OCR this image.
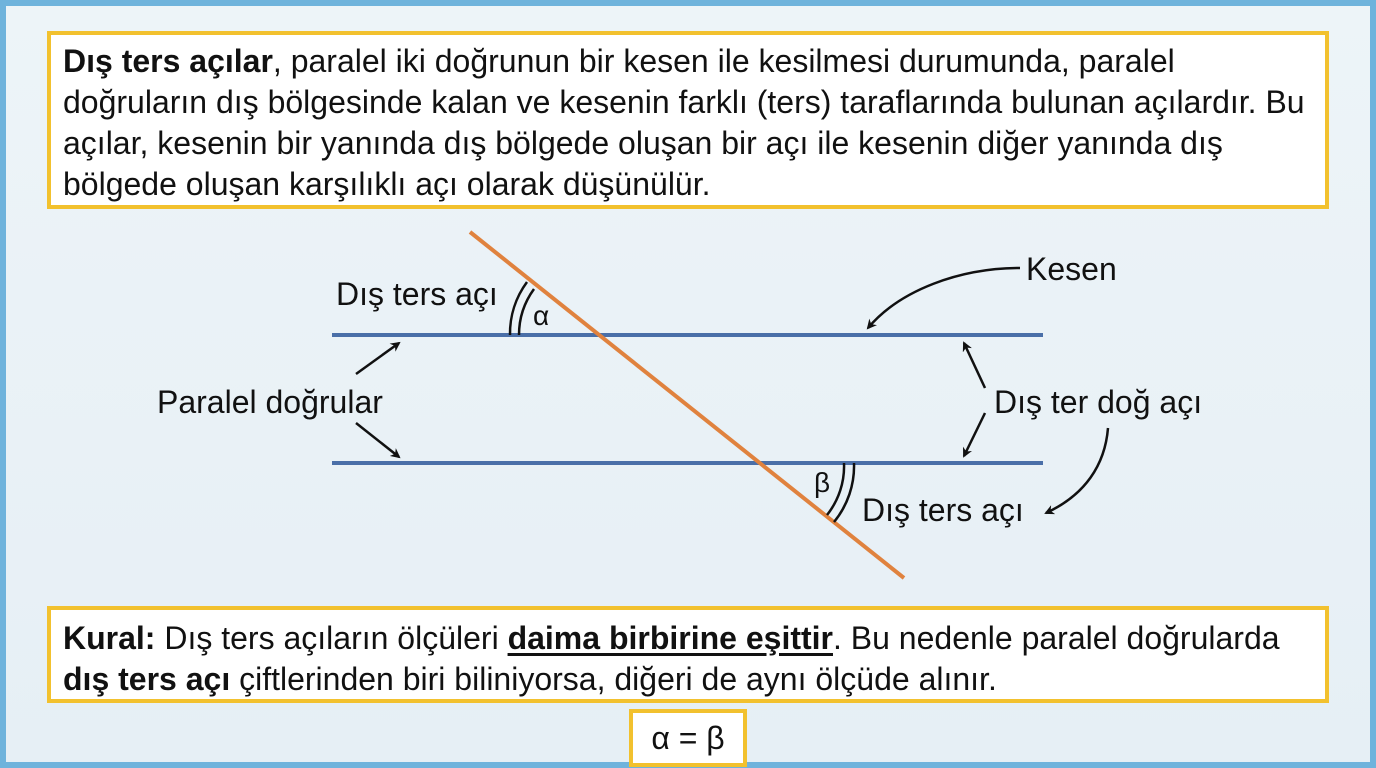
Dış ters açılar, paralel iki doğrunun bir kesen ile kesilmesi durumunda, paralel doğruların dış bölgesinde kalan ve kesenin farklı (ters) taraflarında bulunan açılardır. Bu açılar, kesenin bir yanında dış bölgede oluşan bir açı ile kesenin diğer yanında dış bölgede oluşan karşılıklı açı olarak düşünülür.
Dış ters açı
α
Kesen
Paralel doğrular	Dış ter doğ açı
β
Dış ters açı
Kural: Dış ters açıların ölçüleri daima birbirine eşittir. Bu nedenle paralel doğrularda dış ters açı çiftlerinden biri biliniyorsa, diğeri de aynı ölçüde alınır.
α = β
